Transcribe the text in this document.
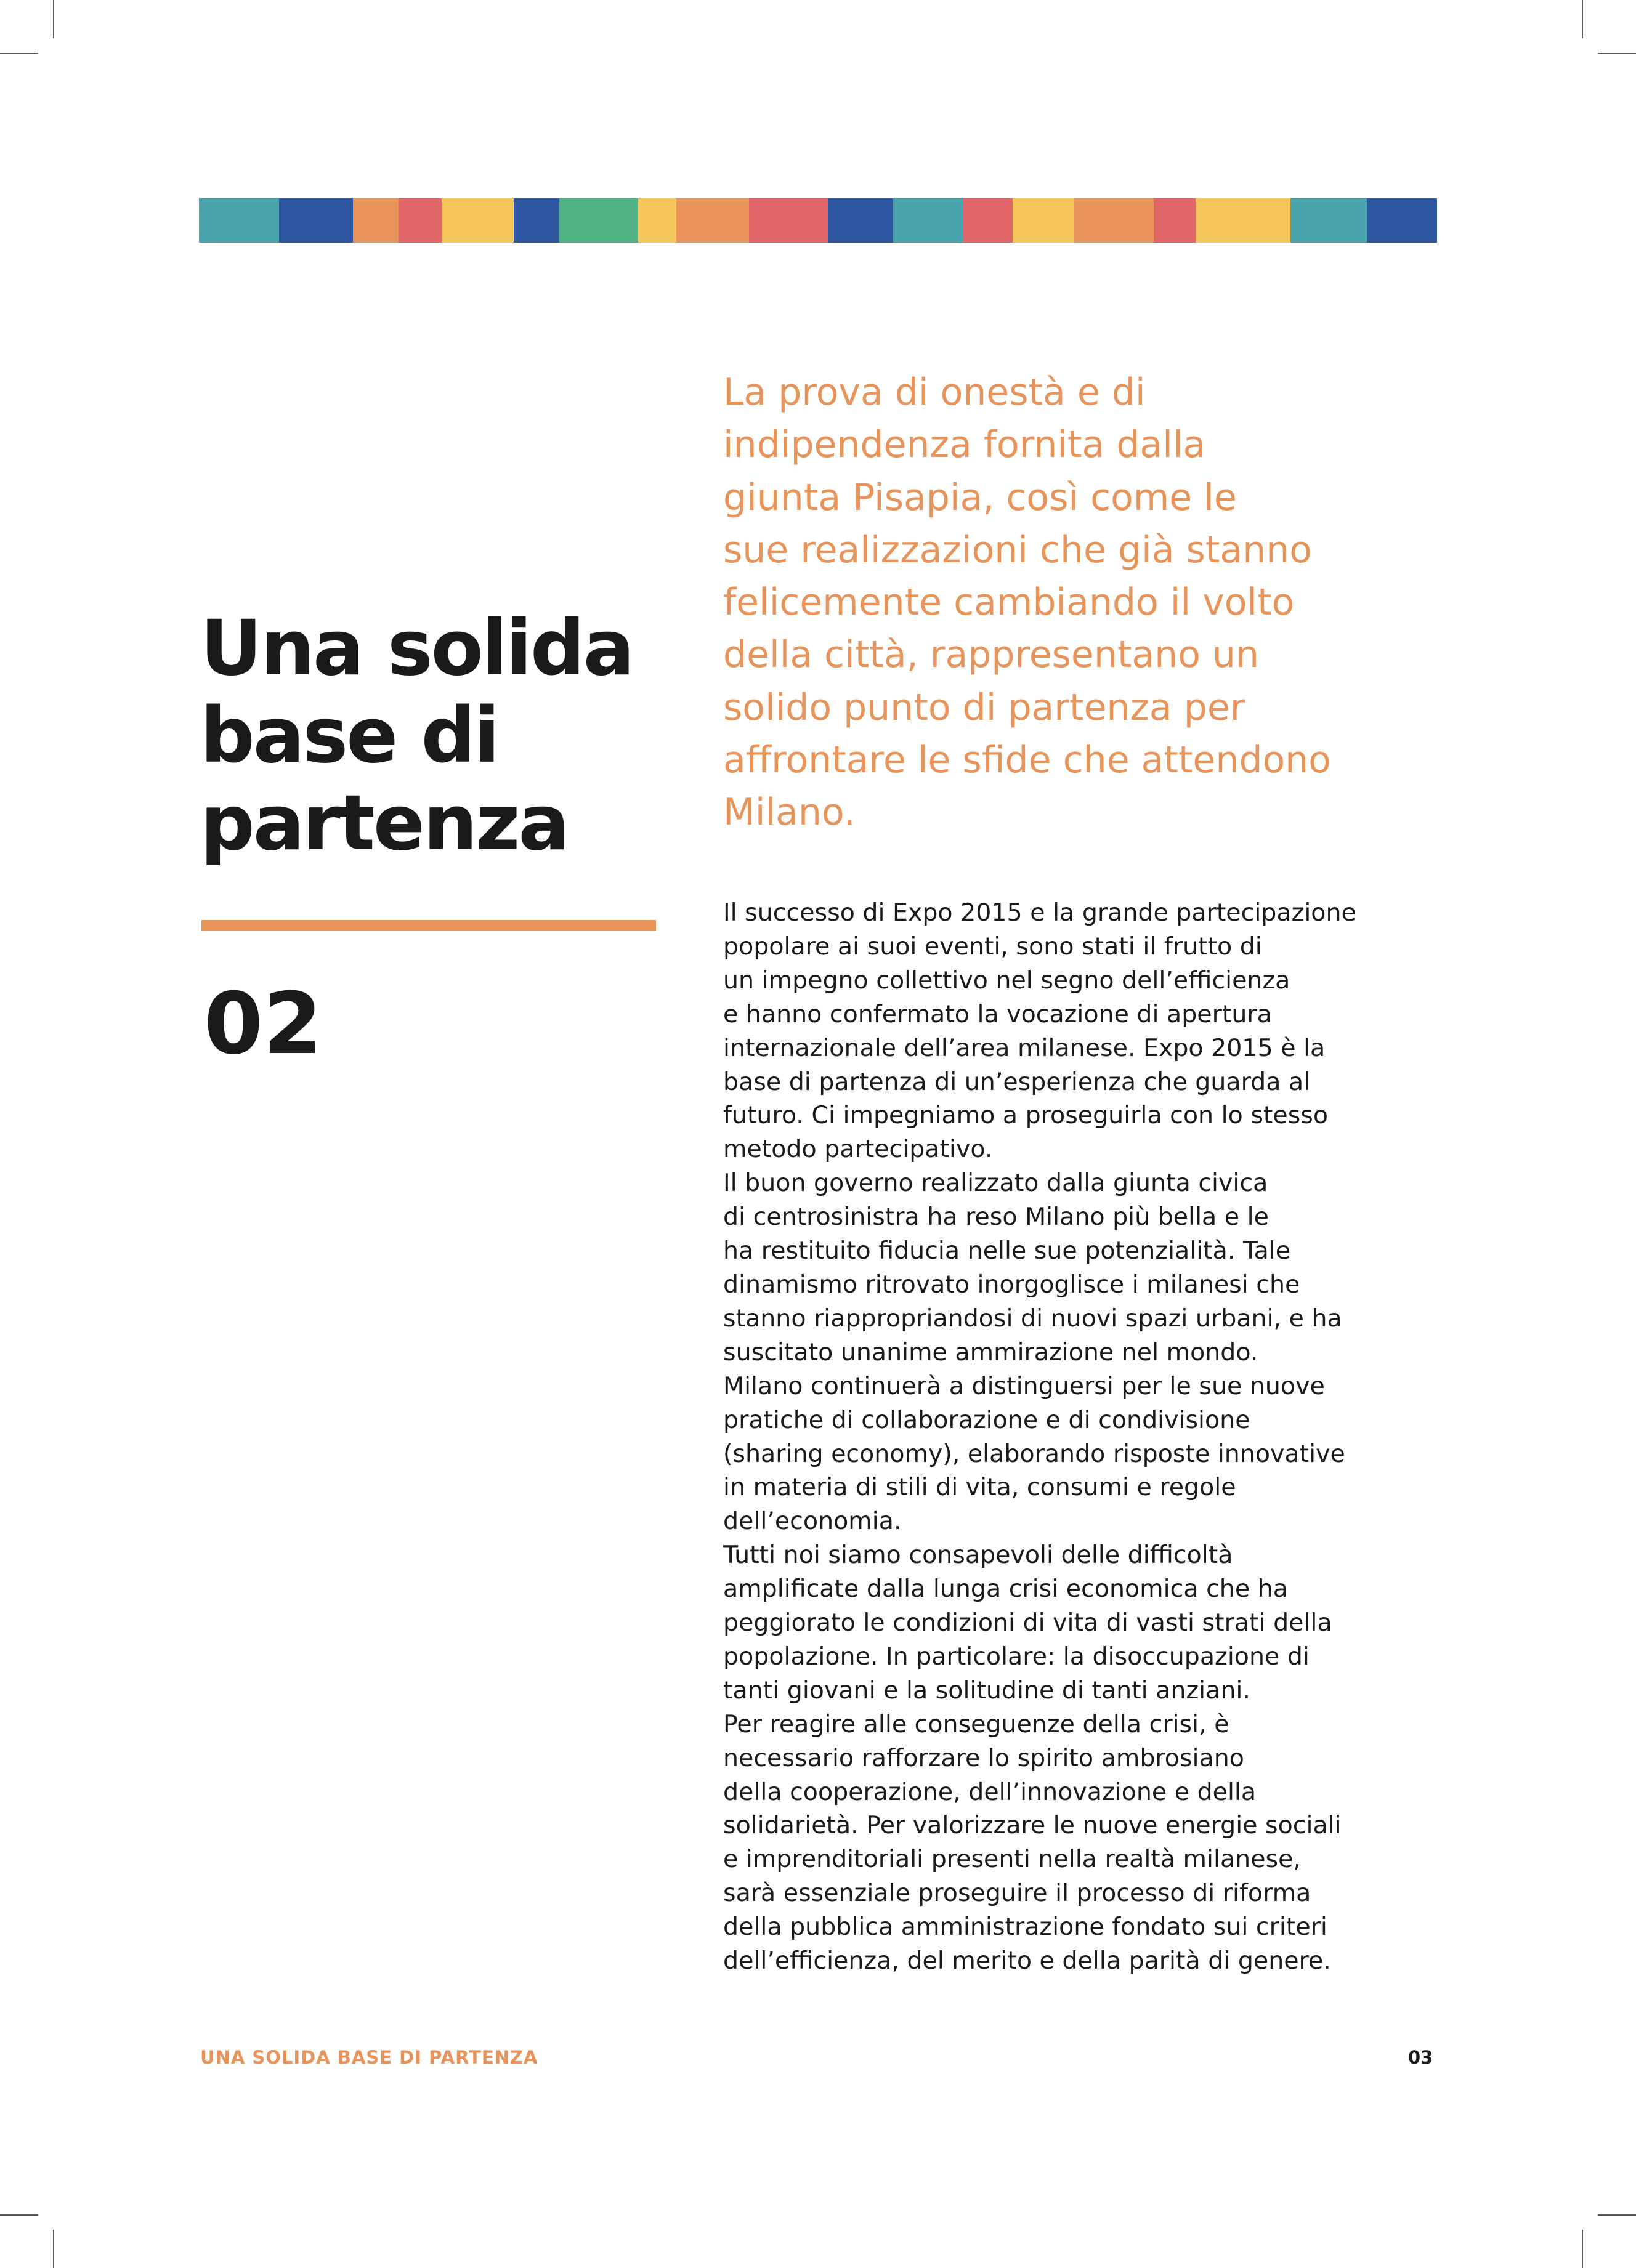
Una solida base di partenza
02

La prova di onestà e di
indipendenza fornita dalla
giunta Pisapia, così come le
sue realizzazioni che già stanno
felicemente cambiando il volto
della città, rappresentano un
solido punto di partenza per
affrontare le sfide che attendono
Milano.

Il successo di Expo 2015 e la grande partecipazione
popolare ai suoi eventi, sono stati il frutto di
un impegno collettivo nel segno dell’efficienza
e hanno confermato la vocazione di apertura
internazionale dell’area milanese. Expo 2015 è la
base di partenza di un’esperienza che guarda al
futuro. Ci impegniamo a proseguirla con lo stesso
metodo partecipativo.
Il buon governo realizzato dalla giunta civica
di centrosinistra ha reso Milano più bella e le
ha restituito fiducia nelle sue potenzialità. Tale
dinamismo ritrovato inorgoglisce i milanesi che
stanno riappropriandosi di nuovi spazi urbani, e ha
suscitato unanime ammirazione nel mondo.
Milano continuerà a distinguersi per le sue nuove
pratiche di collaborazione e di condivisione
(sharing economy), elaborando risposte innovative
in materia di stili di vita, consumi e regole
dell’economia.
Tutti noi siamo consapevoli delle difficoltà
amplificate dalla lunga crisi economica che ha
peggiorato le condizioni di vita di vasti strati della
popolazione. In particolare: la disoccupazione di
tanti giovani e la solitudine di tanti anziani.
Per reagire alle conseguenze della crisi, è
necessario rafforzare lo spirito ambrosiano
della cooperazione, dell’innovazione e della
solidarietà. Per valorizzare le nuove energie sociali
e imprenditoriali presenti nella realtà milanese,
sarà essenziale proseguire il processo di riforma
della pubblica amministrazione fondato sui criteri
dell’efficienza, del merito e della parità di genere.
UNA SOLIDA BASE DI PARTENZA	03
